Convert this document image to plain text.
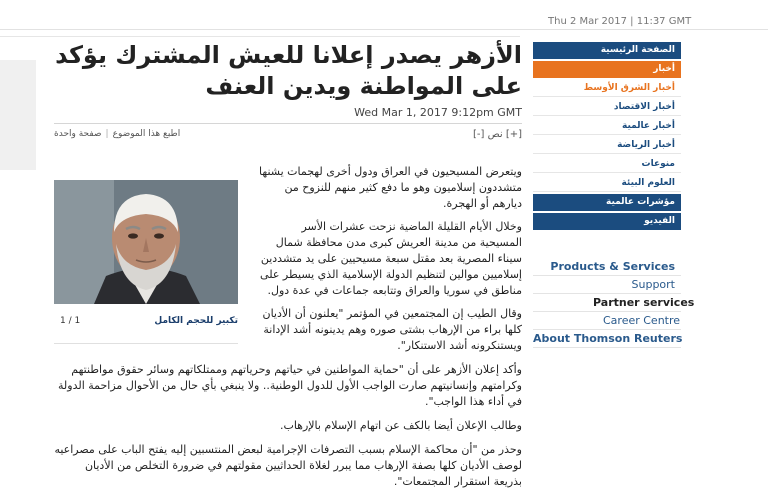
Thu 2 Mar 2017 | 11:37 GMT
الأزهر يصدر إعلانا للعيش المشترك يؤكد على المواطنة ويدين العنف
Wed Mar 1, 2017 9:12pm GMT
اطبع هذا الموضوع|صفحة واحدة	[+] نص [-]
تكبير للحجم الكامل
1 / 1

ويتعرض المسيحيون في العراق ودول أخرى لهجمات يشنها متشددون إسلاميون وهو ما دفع كثير منهم للنزوح من ديارهم أو الهجرة.

وخلال الأيام القليلة الماضية نزحت عشرات الأسر المسيحية من مدينة العريش كبرى مدن محافظة شمال سيناء المصرية بعد مقتل سبعة مسيحيين على يد متشددين إسلاميين موالين لتنظيم الدولة الإسلامية الذي يسيطر على مناطق في سوريا والعراق وتتابعه جماعات في عدة دول.

وقال الطيب إن المجتمعين في المؤتمر "يعلنون أن الأديان كلها براء من الإرهاب بشتى صوره وهم يدينونه أشد الإدانة ويستنكرونه أشد الاستنكار".

وأكد إعلان الأزهر على أن "حماية المواطنين في حياتهم وحرياتهم وممتلكاتهم وسائر حقوق مواطنتهم وكرامتهم وإنسانيتهم صارت الواجب الأول للدول الوطنية.. ولا ينبغي بأي حال من الأحوال مزاحمة الدولة في أداء هذا الواجب".

وطالب الإعلان أيضا بالكف عن اتهام الإسلام بالإرهاب.

وحذر من "أن محاكمة الإسلام بسبب التصرفات الإجرامية لبعض المنتسبين إليه يفتح الباب على مصراعيه لوصف الأديان كلها بصفة الإرهاب مما يبرر لغلاة الحداثيين مقولتهم في ضرورة التخلص من الأديان بذريعة استقرار المجتمعات".

الصفحة الرئيسية
أخبار
أخبار الشرق الأوسط
أخبار الاقتصاد
أخبار عالمية
أخبار الرياضة
منوعات
العلوم البيئة
مؤشرات عالمية
الفيديو
Products & Services
Support
Partner services
Career Centre
About Thomson Reuters
